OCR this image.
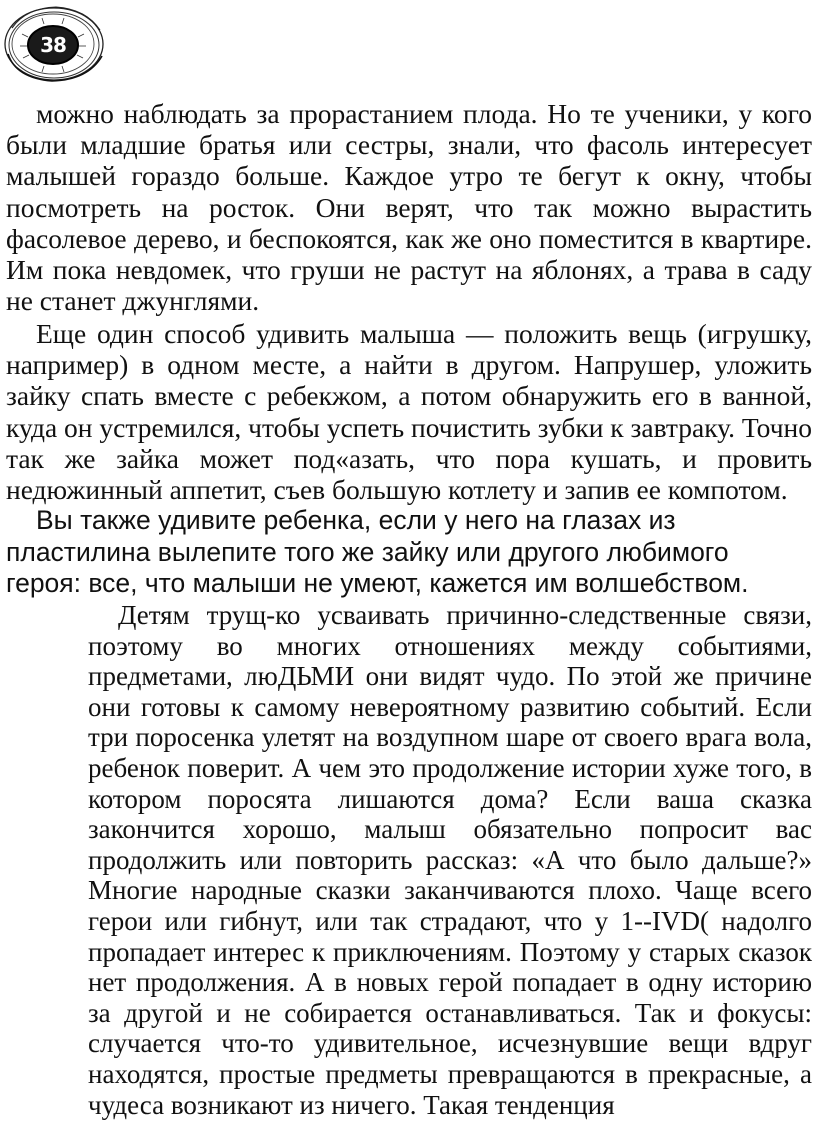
38

можно наблюдать за прорастанием плода. Но те ученики, у кого были младшие братья или сестры, знали, что фасоль интересует малышей гораздо больше. Каждое утро те бегут к окну, чтобы посмотреть на росток. Они верят, что так можно вырастить фасолевое дерево, и беспокоятся, как же оно поместится в квартире. Им пока невдомек, что груши не растут на яблонях, а трава в саду не станет джунглями.

Еще один способ удивить малыша — положить вещь (игрушку, например) в одном месте, а найти в другом. Напрушер, уложить зайку спать вместе с ребекжом, а потом обнаружить его в ванной, куда он устремился, чтобы успеть почистить зубки к завтраку. Точно так же зайка может под«азать, что пора кушать, и провить недюжинный аппетит, съев большую котлету и запив ее компотом.

Вы также удивите ребенка, если у него на глазах из пластилина вылепите того же зайку или другого любимого героя: все, что малыши не умеют, кажется им волшебством.

Детям трущ-ко усваивать причинно-следственные связи, поэтому во многих отношениях между событиями, предметами, люДЬМИ они видят чудо. По этой же причине они готовы к самому невероятному развитию событий. Если три поросенка улетят на воздупном шаре от своего врага вола, ребенок поверит. А чем это продолжение истории хуже того, в котором поросята лишаются дома? Если ваша сказка закончится хорошо, малыш обязательно попросит вас продолжить или повторить рассказ: «А что было дальше?» Многие народные сказки заканчиваются плохо. Чаще всего герои или гибнут, или так страдают, что у 1--IVD( надолго пропадает интерес к приключениям. Поэтому у старых сказок нет продолжения. А в новых герой попадает в одну историю за другой и не собирается останавливаться. Так и фокусы: случается что-то удивительное, исчезнувшие вещи вдруг находятся, простые предметы превращаются в прекрасные, а чудеса возникают из ничего. Такая тенденция
